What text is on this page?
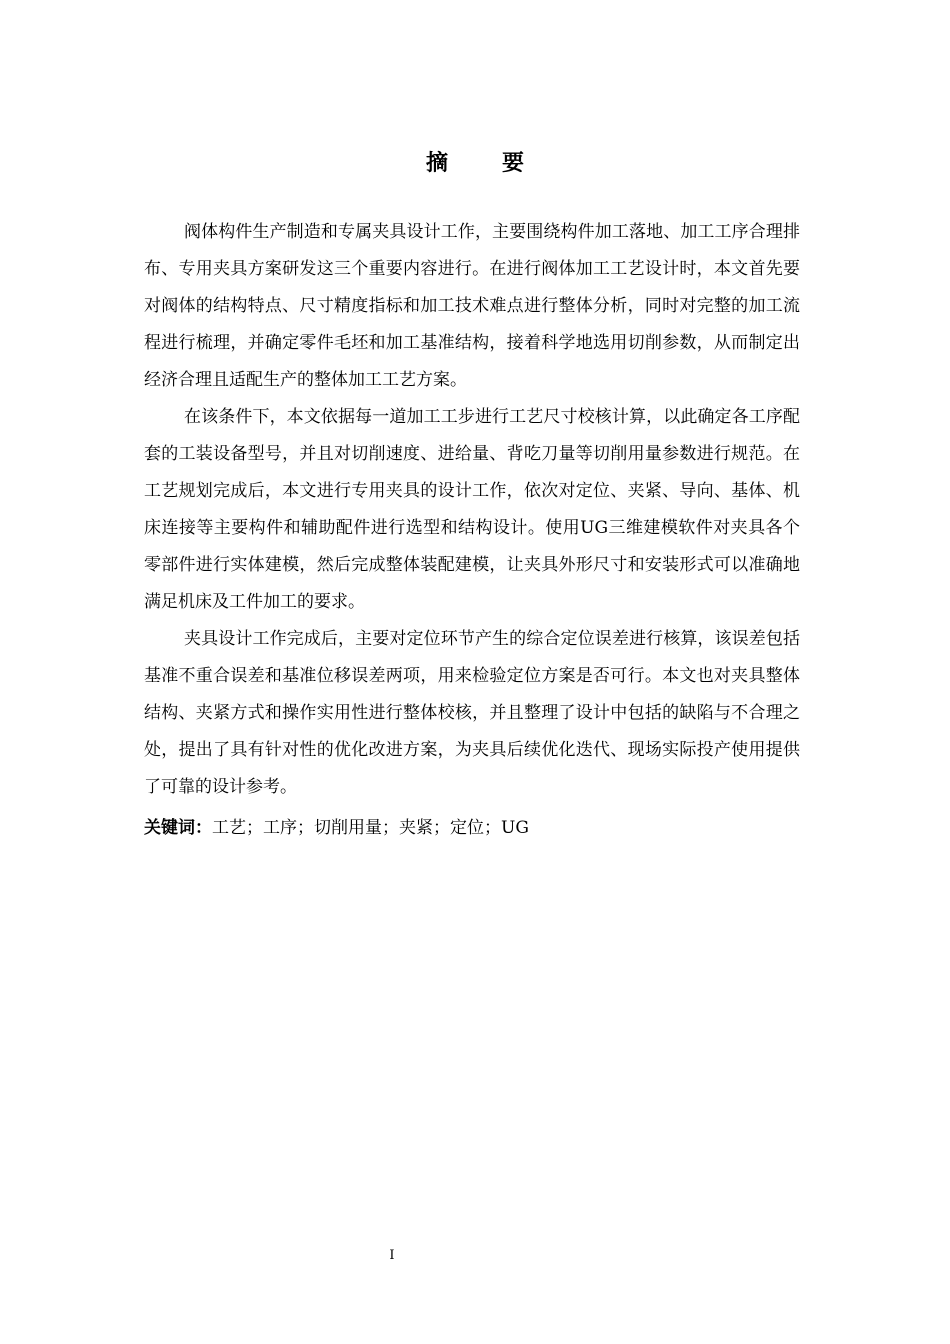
摘　要

阀体构件生产制造和专属夹具设计工作，主要围绕构件加工落地、加工工序合理排布、专用夹具方案研发这三个重要内容进行。在进行阀体加工工艺设计时，本文首先要对阀体的结构特点、尺寸精度指标和加工技术难点进行整体分析，同时对完整的加工流程进行梳理，并确定零件毛坯和加工基准结构，接着科学地选用切削参数，从而制定出经济合理且适配生产的整体加工工艺方案。

在该条件下，本文依据每一道加工工步进行工艺尺寸校核计算，以此确定各工序配套的工装设备型号，并且对切削速度、进给量、背吃刀量等切削用量参数进行规范。在工艺规划完成后，本文进行专用夹具的设计工作，依次对定位、夹紧、导向、基体、机床连接等主要构件和辅助配件进行选型和结构设计。使用UG三维建模软件对夹具各个零部件进行实体建模，然后完成整体装配建模，让夹具外形尺寸和安装形式可以准确地满足机床及工件加工的要求。

夹具设计工作完成后，主要对定位环节产生的综合定位误差进行核算，该误差包括基准不重合误差和基准位移误差两项，用来检验定位方案是否可行。本文也对夹具整体结构、夹紧方式和操作实用性进行整体校核，并且整理了设计中包括的缺陷与不合理之处，提出了具有针对性的优化改进方案，为夹具后续优化迭代、现场实际投产使用提供了可靠的设计参考。

关键词：工艺；工序；切削用量；夹紧；定位；UG

I
